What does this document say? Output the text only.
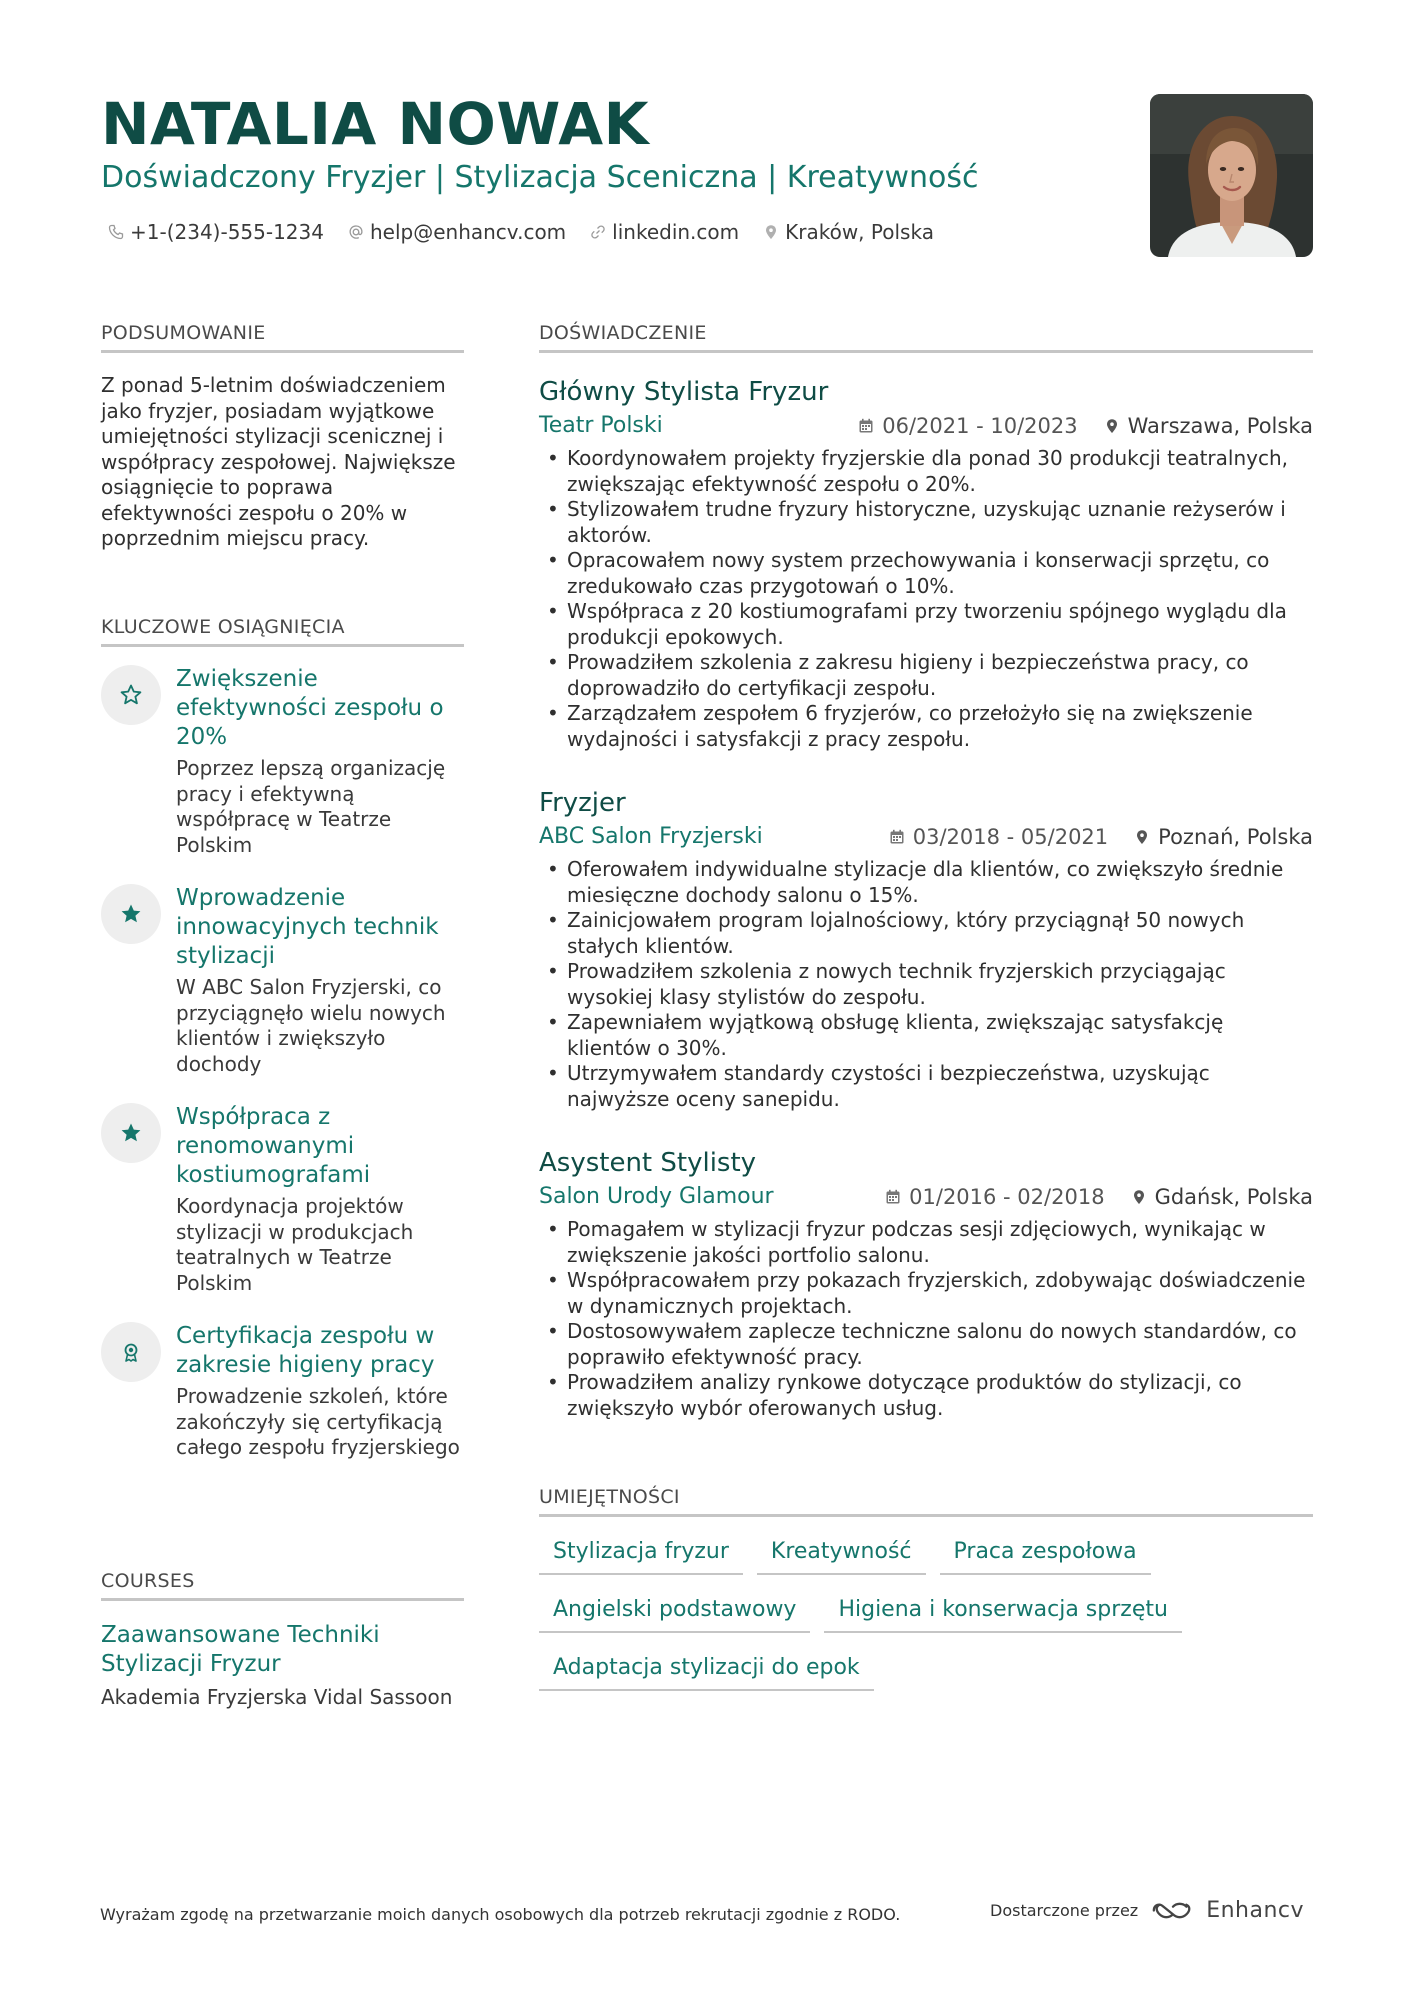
NATALIA NOWAK
Doświadczony Fryzjer | Stylizacja Sceniczna | Kreatywność
+1-(234)-555-1234 help@enhancv.com linkedin.com Kraków, Polska
PODSUMOWANIE
Z ponad 5-letnim doświadczeniem jako fryzjer, posiadam wyjątkowe umiejętności stylizacji scenicznej i współpracy zespołowej. Największe osiągnięcie to poprawa efektywności zespołu o 20% w poprzednim miejscu pracy.
KLUCZOWE OSIĄGNIĘCIA
Zwiększenie efektywności zespołu o 20%
Poprzez lepszą organizację pracy i efektywną współpracę w Teatrze Polskim
Wprowadzenie innowacyjnych technik stylizacji
W ABC Salon Fryzjerski, co przyciągnęło wielu nowych klientów i zwiększyło dochody
Współpraca z renomowanymi kostiumografami
Koordynacja projektów stylizacji w produkcjach teatralnych w Teatrze Polskim
Certyfikacja zespołu w zakresie higieny pracy
Prowadzenie szkoleń, które zakończyły się certyfikacją całego zespołu fryzjerskiego
COURSES
Zaawansowane Techniki Stylizacji Fryzur
Akademia Fryzjerska Vidal Sassoon
DOŚWIADCZENIE
Główny Stylista Fryzur
Teatr Polski	06/2021 - 10/2023 Warszawa, Polska
• Koordynowałem projekty fryzjerskie dla ponad 30 produkcji teatralnych, zwiększając efektywność zespołu o 20%.
• Stylizowałem trudne fryzury historyczne, uzyskując uznanie reżyserów i aktorów.
• Opracowałem nowy system przechowywania i konserwacji sprzętu, co zredukowało czas przygotowań o 10%.
• Współpraca z 20 kostiumografami przy tworzeniu spójnego wyglądu dla produkcji epokowych.
• Prowadziłem szkolenia z zakresu higieny i bezpieczeństwa pracy, co doprowadziło do certyfikacji zespołu.
• Zarządzałem zespołem 6 fryzjerów, co przełożyło się na zwiększenie wydajności i satysfakcji z pracy zespołu.
Fryzjer
ABC Salon Fryzjerski	03/2018 - 05/2021 Poznań, Polska
• Oferowałem indywidualne stylizacje dla klientów, co zwiększyło średnie miesięczne dochody salonu o 15%.
• Zainicjowałem program lojalnościowy, który przyciągnął 50 nowych stałych klientów.
• Prowadziłem szkolenia z nowych technik fryzjerskich przyciągając wysokiej klasy stylistów do zespołu.
• Zapewniałem wyjątkową obsługę klienta, zwiększając satysfakcję klientów o 30%.
• Utrzymywałem standardy czystości i bezpieczeństwa, uzyskując najwyższe oceny sanepidu.
Asystent Stylisty
Salon Urody Glamour	01/2016 - 02/2018 Gdańsk, Polska
• Pomagałem w stylizacji fryzur podczas sesji zdjęciowych, wynikając w zwiększenie jakości portfolio salonu.
• Współpracowałem przy pokazach fryzjerskich, zdobywając doświadczenie w dynamicznych projektach.
• Dostosowywałem zaplecze techniczne salonu do nowych standardów, co poprawiło efektywność pracy.
• Prowadziłem analizy rynkowe dotyczące produktów do stylizacji, co zwiększyło wybór oferowanych usług.
UMIEJĘTNOŚCI
Stylizacja fryzur	Kreatywność	Praca zespołowa
Angielski podstawowy	Higiena i konserwacja sprzętu
Adaptacja stylizacji do epok
Wyrażam zgodę na przetwarzanie moich danych osobowych dla potrzeb rekrutacji zgodnie z RODO.	Dostarczone przez	Enhancv
